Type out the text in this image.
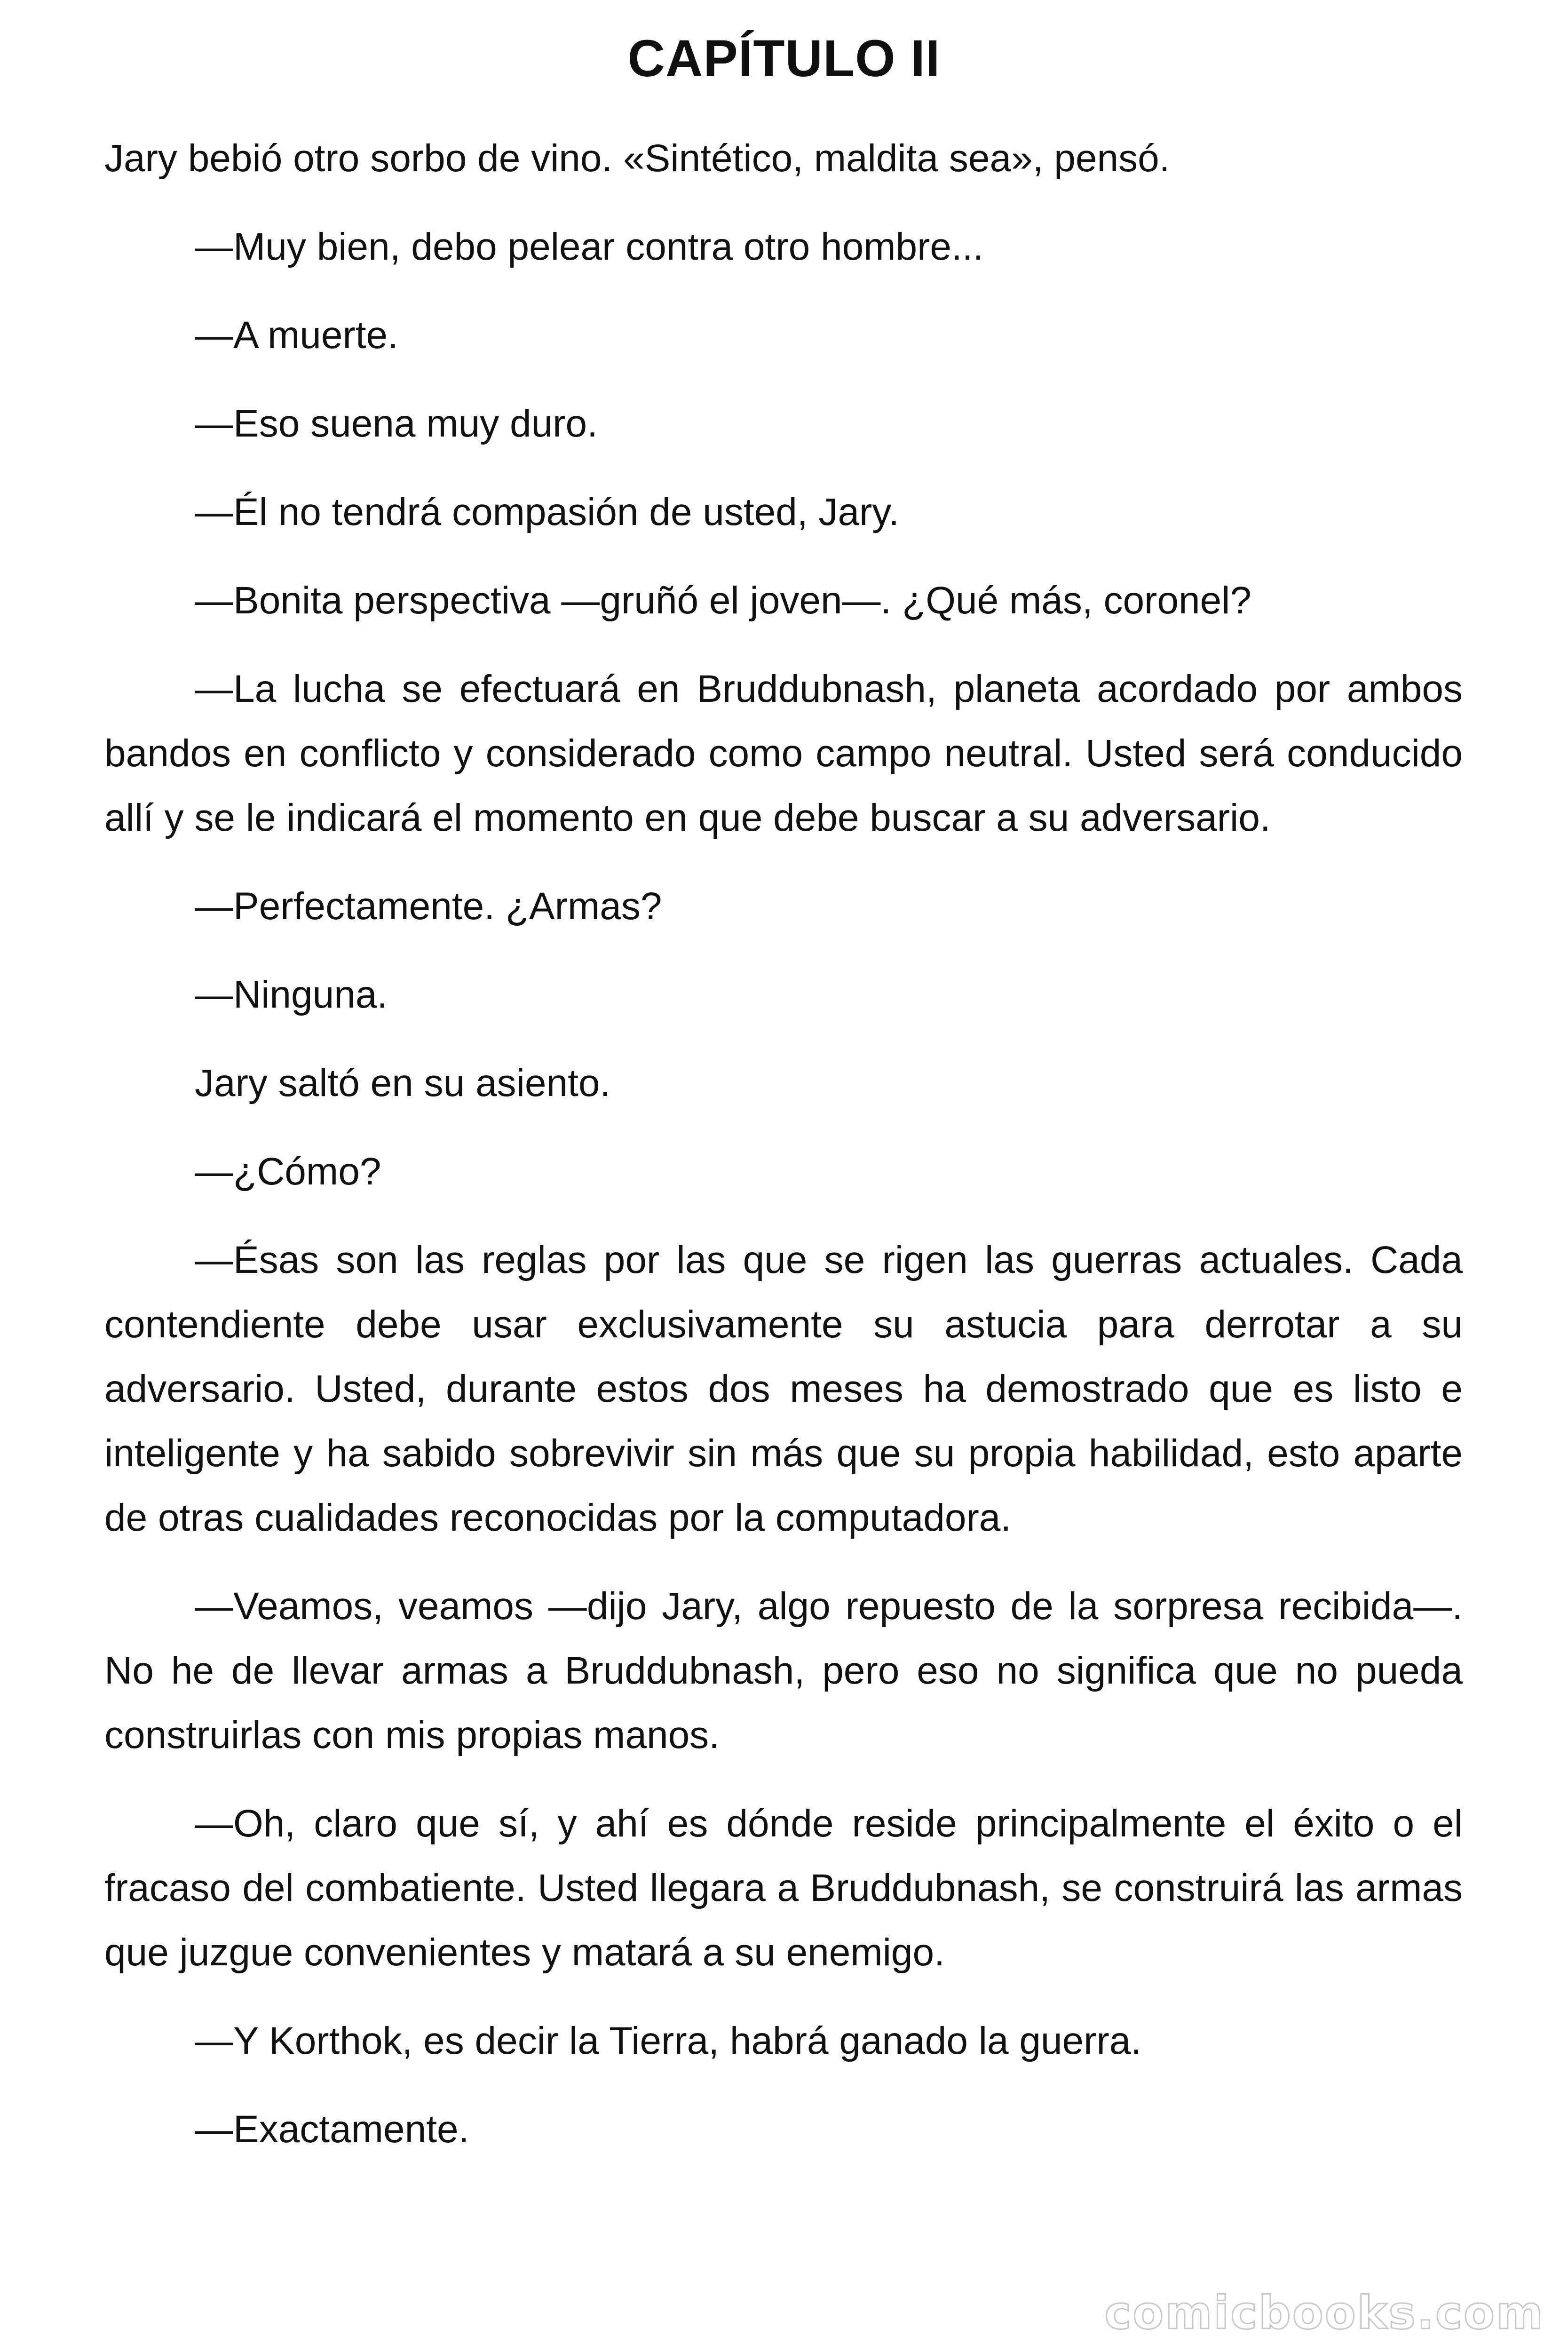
CAPÍTULO II

Jary bebió otro sorbo de vino. «Sintético, maldita sea», pensó.

—Muy bien, debo pelear contra otro hombre...

—A muerte.

—Eso suena muy duro.

—Él no tendrá compasión de usted, Jary.

—Bonita perspectiva —gruñó el joven—. ¿Qué más, coronel?

—La lucha se efectuará en Bruddubnash, planeta acordado por ambos bandos en conflicto y considerado como campo neutral. Usted será conducido allí y se le indicará el momento en que debe buscar a su adversario.

—Perfectamente. ¿Armas?

—Ninguna.

Jary saltó en su asiento.

—¿Cómo?

—Ésas son las reglas por las que se rigen las guerras actuales. Cada contendiente debe usar exclusivamente su astucia para derrotar a su adversario. Usted, durante estos dos meses ha demostrado que es listo e inteligente y ha sabido sobrevivir sin más que su propia habilidad, esto aparte de otras cualidades reconocidas por la computadora.

—Veamos, veamos —dijo Jary, algo repuesto de la sorpresa recibida—. No he de llevar armas a Bruddubnash, pero eso no significa que no pueda construirlas con mis propias manos.

—Oh, claro que sí, y ahí es dónde reside principalmente el éxito o el fracaso del combatiente. Usted llegara a Bruddubnash, se construirá las armas que juzgue convenientes y matará a su enemigo.

—Y Korthok, es decir la Tierra, habrá ganado la guerra.

—Exactamente.

comicbooks.com
